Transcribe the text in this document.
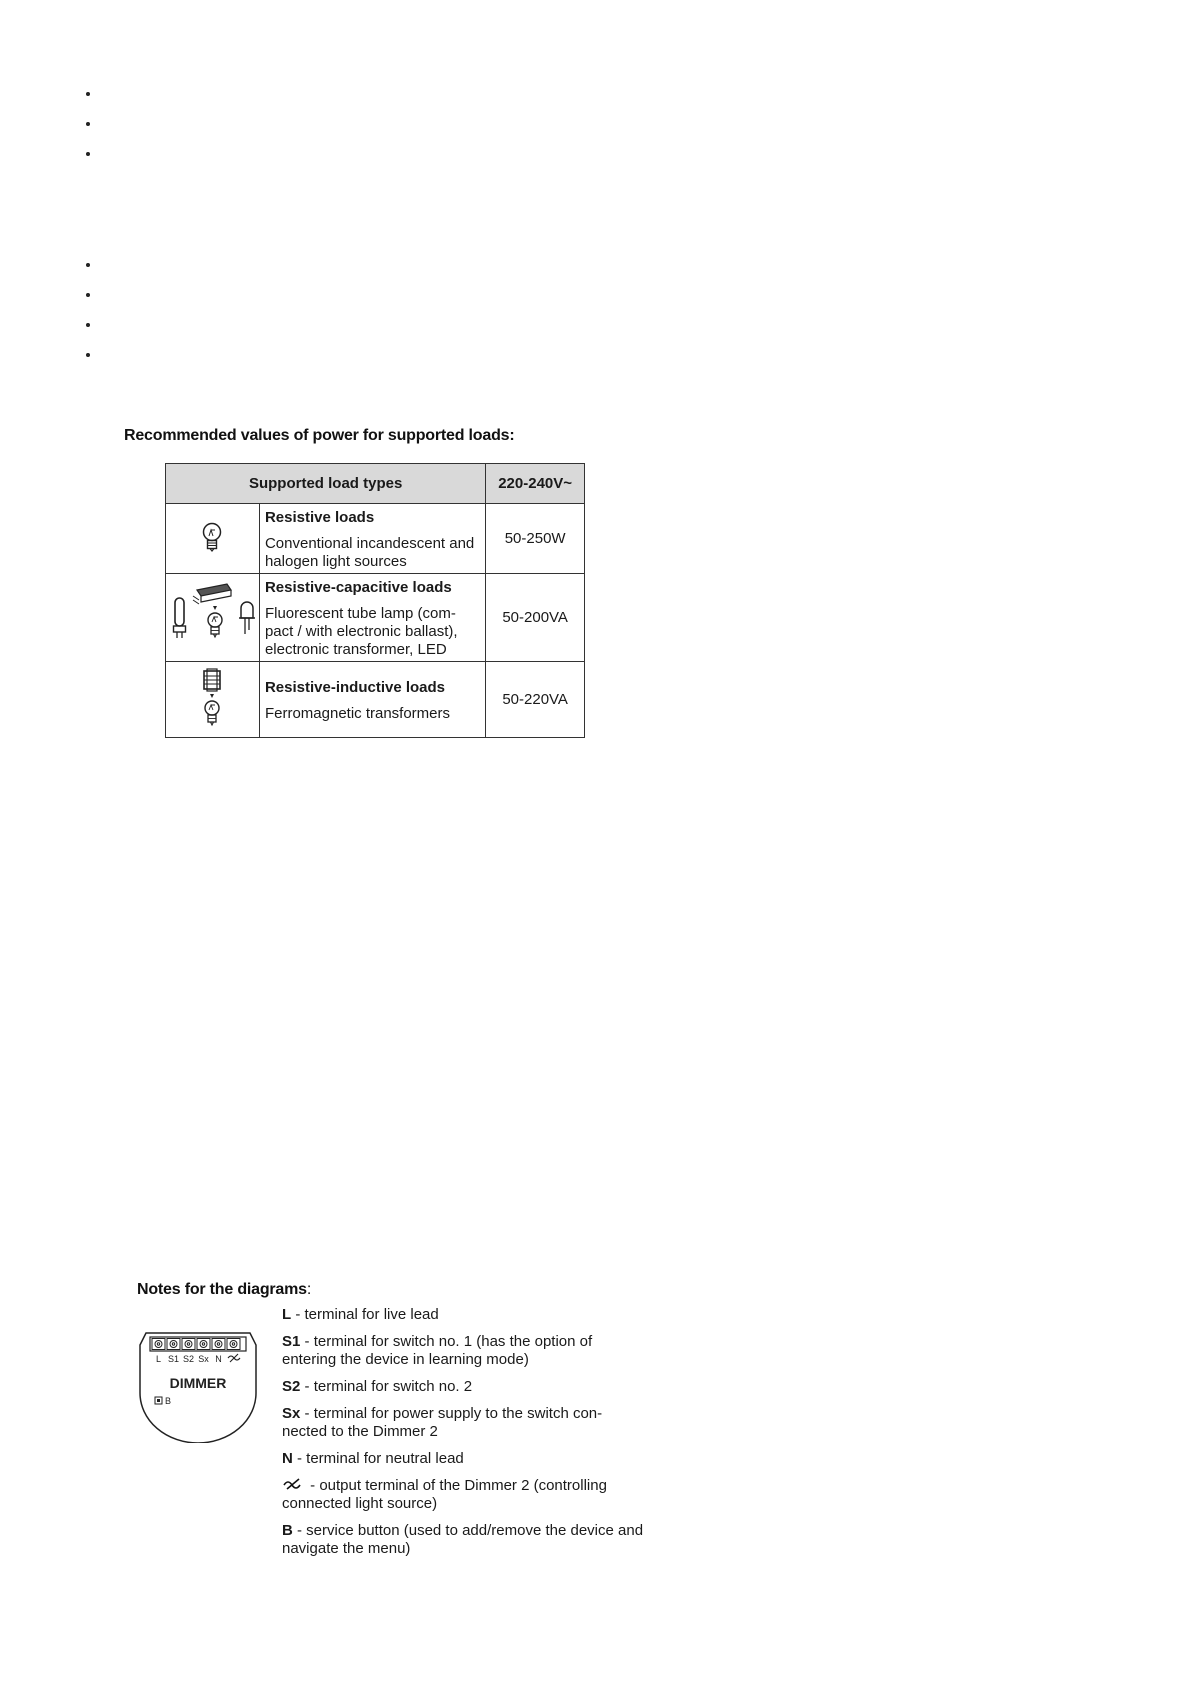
Recommended values of power for supported loads:
Supported load types		220-240V~

Resistive loads
Conventional incandescent and halogen light sources	50-250W

Resistive-capacitive loads
Fluorescent tube lamp (com-pact / with electronic ballast), electronic transformer, LED	50-200VA

Resistive-inductive loads
Ferromagnetic transformers	50-220VA
Notes for the diagrams:
L S1 S2 Sx N
DIMMER
B
L - terminal for live lead
S1 - terminal for switch no. 1 (has the option of entering the device in learning mode)
S2 - terminal for switch no. 2
Sx - terminal for power supply to the switch con-nected to the Dimmer 2
N - terminal for neutral lead
- output terminal of the Dimmer 2 (controlling connected light source)
B - service button (used to add/remove the device and navigate the menu)
